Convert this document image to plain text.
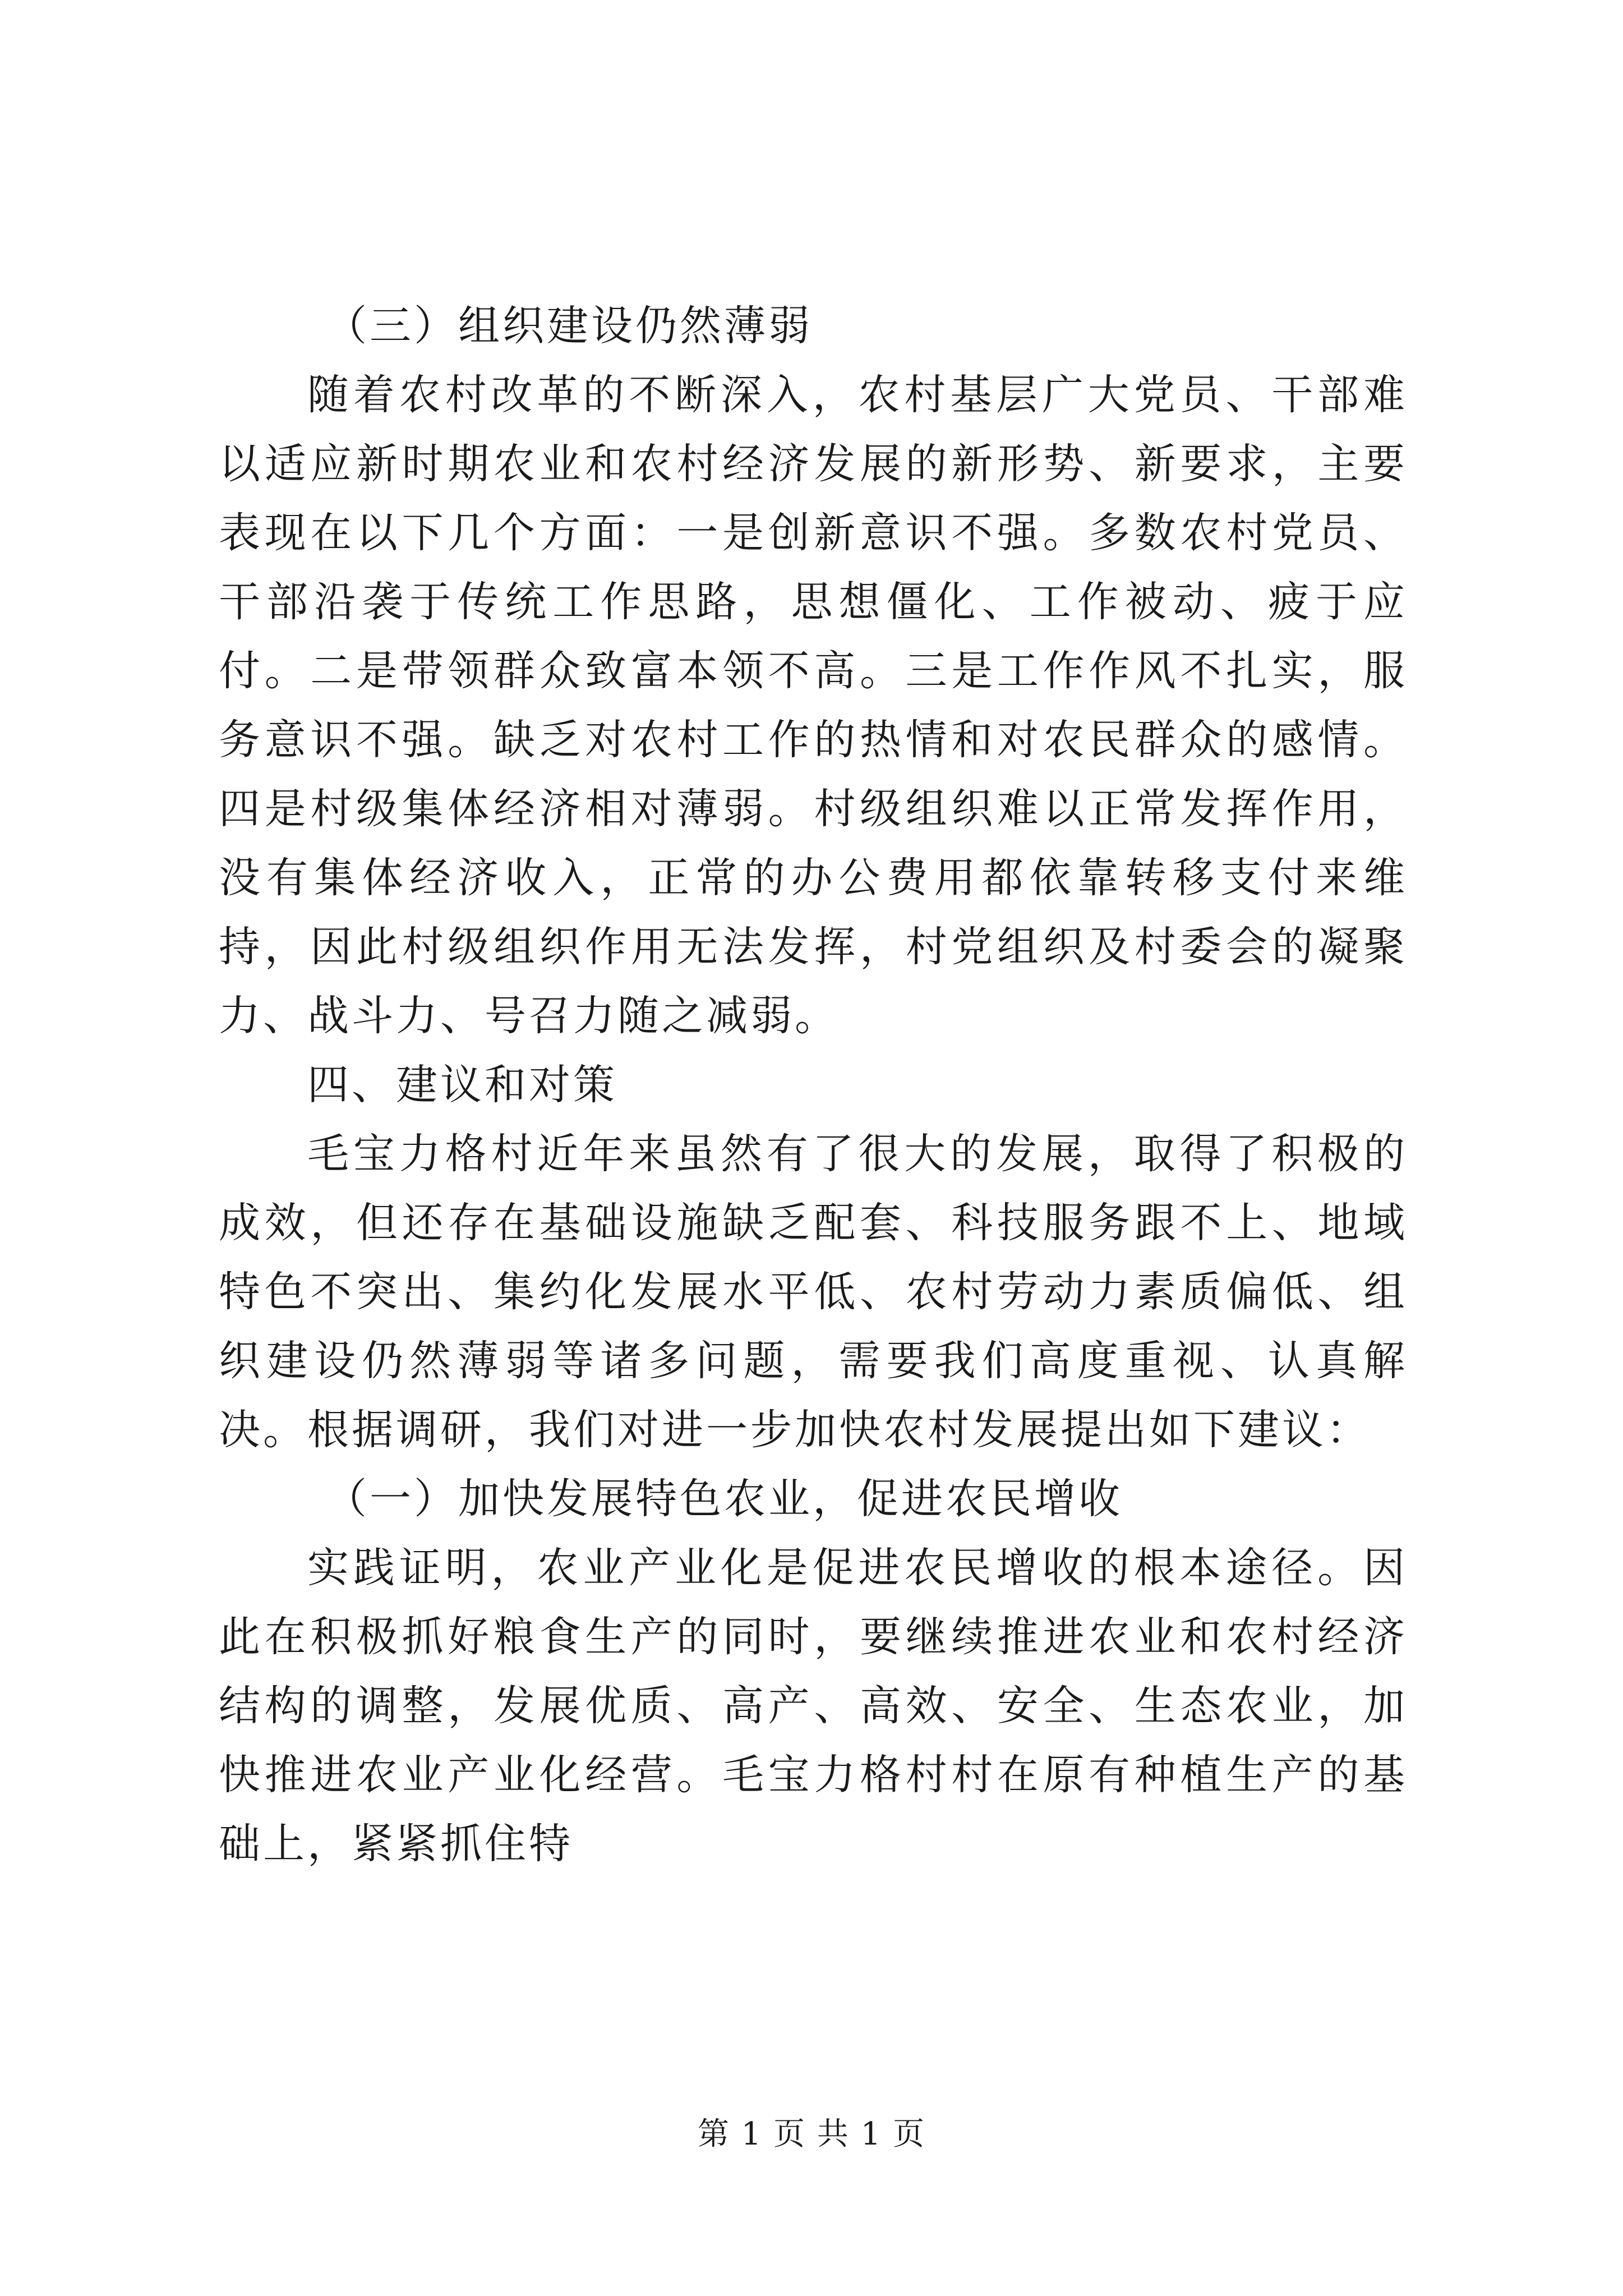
（三）组织建设仍然薄弱

随着农村改革的不断深入，农村基层广大党员、干部难以适应新时期农业和农村经济发展的新形势、新要求，主要表现在以下几个方面：一是创新意识不强。多数农村党员、干部沿袭于传统工作思路，思想僵化、工作被动、疲于应付。二是带领群众致富本领不高。三是工作作风不扎实，服务意识不强。缺乏对农村工作的热情和对农民群众的感情。四是村级集体经济相对薄弱。村级组织难以正常发挥作用，没有集体经济收入，正常的办公费用都依靠转移支付来维持，因此村级组织作用无法发挥，村党组织及村委会的凝聚力、战斗力、号召力随之减弱。

四、建议和对策

毛宝力格村近年来虽然有了很大的发展，取得了积极的成效，但还存在基础设施缺乏配套、科技服务跟不上、地域特色不突出、集约化发展水平低、农村劳动力素质偏低、组织建设仍然薄弱等诸多问题，需要我们高度重视、认真解决。根据调研，我们对进一步加快农村发展提出如下建议：

（一）加快发展特色农业，促进农民增收

实践证明，农业产业化是促进农民增收的根本途径。因此在积极抓好粮食生产的同时，要继续推进农业和农村经济结构的调整，发展优质、高产、高效、安全、生态农业，加快推进农业产业化经营。毛宝力格村村在原有种植生产的基础上，紧紧抓住特

第 1 页 共 1 页
